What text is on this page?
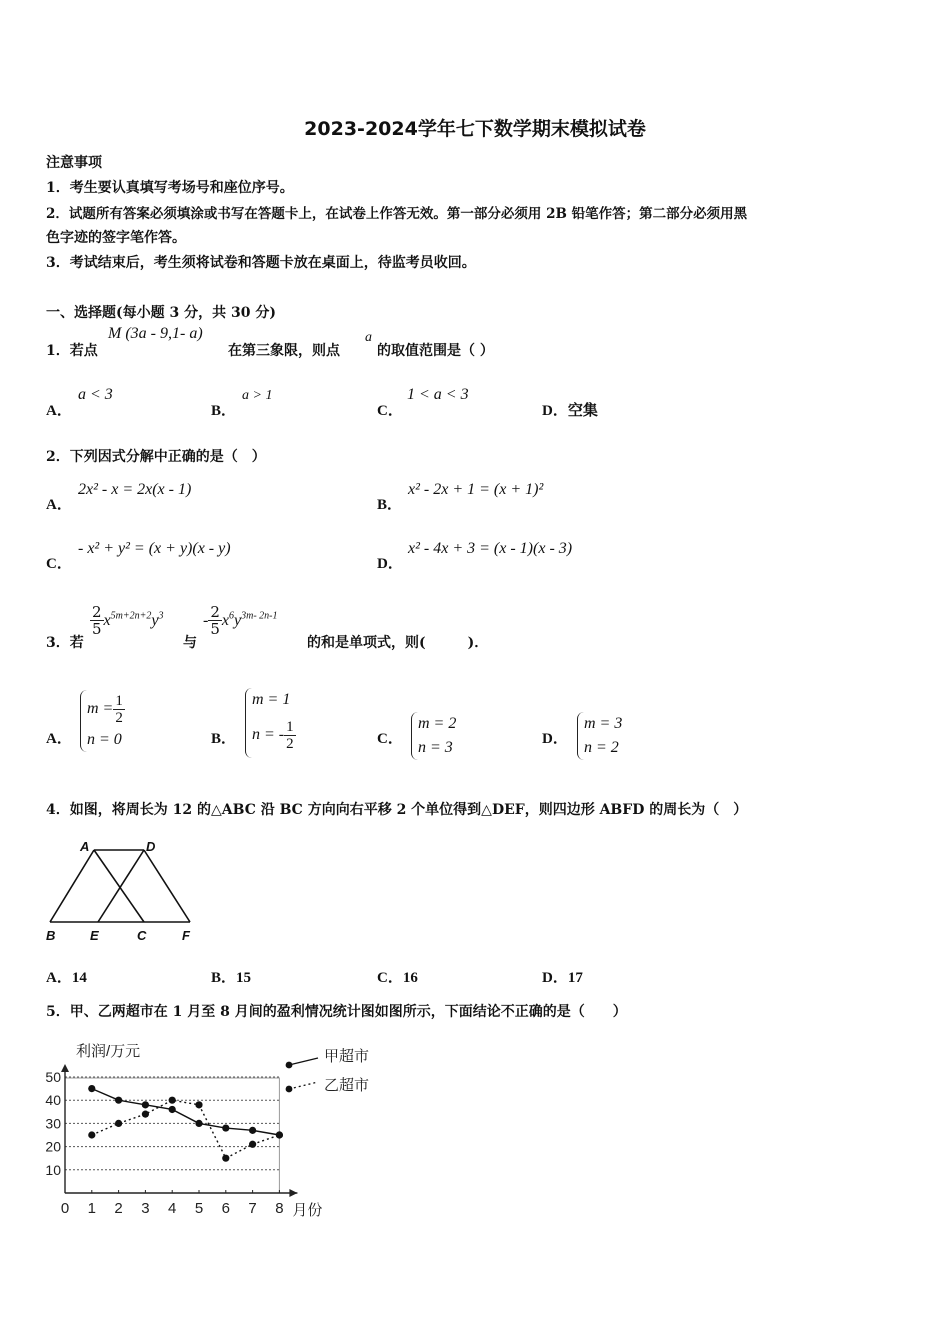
2023-2024学年七下数学期末模拟试卷
注意事项
1．考生要认真填写考场号和座位序号。
2．试题所有答案必须填涂或书写在答题卡上，在试卷上作答无效。第一部分必须用 2B 铅笔作答；第二部分必须用黑
色字迹的签字笔作答。
3．考试结束后，考生须将试卷和答题卡放在桌面上，待监考员收回。
一、选择题(每小题 3 分，共 30 分)
1．若点
M (3a - 9,1- a)
在第三象限，则点
a
的取值范围是（ ）
A．
a < 3
B．
a > 1
C．
1 < a < 3
D．空集
2．下列因式分解中正确的是（　）
A．
2x² - x = 2x(x - 1)
B．
x² - 2x + 1 = (x + 1)²
C．
- x² + y² = (x + y)(x - y)
D．
x² - 4x + 3 = (x - 1)(x - 3)
3．若
$\frac{2}{5} x^{5m+2n+2}y^3$
与
- $\frac{2}{5} x^6y^{3m- 2n-1}$
的和是单项式，则(　　　)．
A．
$m = \frac{1}{2}$
n = 0	B．
m = 1
n = - $\frac{1}{2}$	C．
m = 2
n = 3	D．
m = 3
n = 2
4．如图，将周长为 12 的△ABC 沿 BC 方向向右平移 2 个单位得到△DEF，则四边形 ABFD 的周长为（　）
A	D
B	E	C	F
A．14	B．15	C．16	D．17
5．甲、乙两超市在 1 月至 8 月间的盈利情况统计图如图所示，下面结论不正确的是（　　）
10
20
30
40
50
0 1 2 3 4 5 6 7 8 月份
利润/万元	甲超市
乙超市
